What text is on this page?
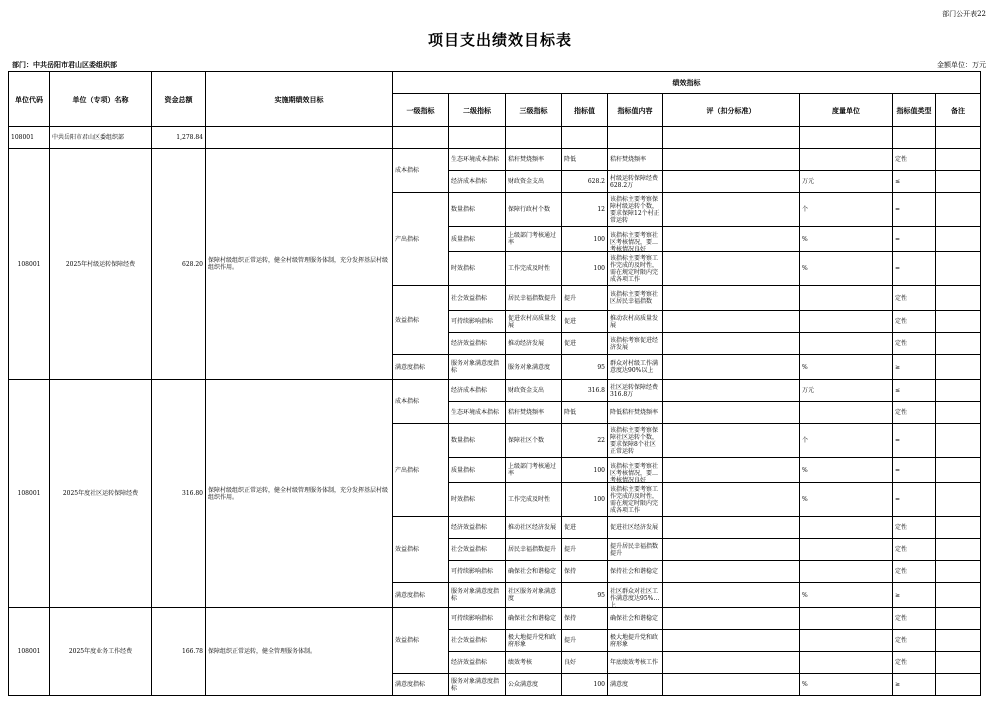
部门公开表22
项目支出绩效目标表
部门：中共岳阳市君山区委组织部	金额单位：万元
单位代码	单位（专项）名称	资金总额	实施期绩效目标	绩效指标								
				一级指标	二级指标	三级指标	指标值	指标值内容	评（扣分标准）	度量单位	指标值类型	备注
108001	中共岳阳市君山区委组织部	1,278.84										
108001	2025年村级运转保障经费	628.20	保障村级组织正常运转，健全村级管理服务体制，充分发挥基层村级组织作用。	成本指标	生态环境成本指标	秸秆焚烧频率	降低	秸秆焚烧频率			定性	

					经济成本指标	财政资金支出	628.2	村级运转保障经费628.2万		万元	≤	
				产出指标	数量指标	保障行政村个数	12	该指标主要考察保障村级运转个数，要求保障12个村正常运转		个	=	

					质量指标	上级部门考核通过率	100	该指标主要考察社区考核情况，要求考核情况良好		%	=	

					时效指标	工作完成及时性	100	该指标主要考察工作完成的及时性，需在规定时限内完成各项工作		%	=	
				效益指标	社会效益指标	居民幸福指数提升	提升	该指标主要考察社区居民幸福指数			定性	

					可持续影响指标	促进农村高质量发展	促进	推动农村高质量发展			定性	

					经济效益指标	推动经济发展	促进	该指标考察促进经济发展			定性	
				满意度指标	服务对象满意度指标	服务对象满意度	95	群众对村级工作满意度达90%以上		%	≥	
108001	2025年度社区运转保障经费	316.80	保障村级组织正常运转，健全村级管理服务体制，充分发挥基层村级组织作用。	成本指标	经济成本指标	财政资金支出	316.8	社区运转保障经费316.8万		万元	≤	

					生态环境成本指标	秸秆焚烧频率	降低	降低秸秆焚烧频率			定性	
				产出指标	数量指标	保障社区个数	22	该指标主要考察保障社区运转个数，要求保障8个社区正常运转		个	=	

					质量指标	上级部门考核通过率	100	该指标主要考察社区考核情况，要求考核情况良好		%	=	

					时效指标	工作完成及时性	100	该指标主要考察工作完成的及时性，需在规定时限内完成各项工作		%	=	
				效益指标	经济效益指标	推动社区经济发展	促进	促进社区经济发展			定性	

					社会效益指标	居民幸福指数提升	提升	提升居民幸福指数提升			定性	

					可持续影响指标	确保社会和谐稳定	保持	保持社会和谐稳定			定性	
				满意度指标	服务对象满意度指标	社区服务对象满意度	95	社区群众对社区工作满意度达95%以上		%	≥	
108001	2025年度业务工作经费	166.78	保障组织正常运转，健全管理服务体制。	效益指标	可持续影响指标	确保社会和谐稳定	保持	确保社会和谐稳定			定性	

					社会效益指标	极大地提升党和政府形象	提升	极大地提升党和政府形象			定性	

					经济效益指标	绩效考核	良好	年底绩效考核工作			定性	
				满意度指标	服务对象满意度指标	公众满意度	100	满意度		%	≥	
